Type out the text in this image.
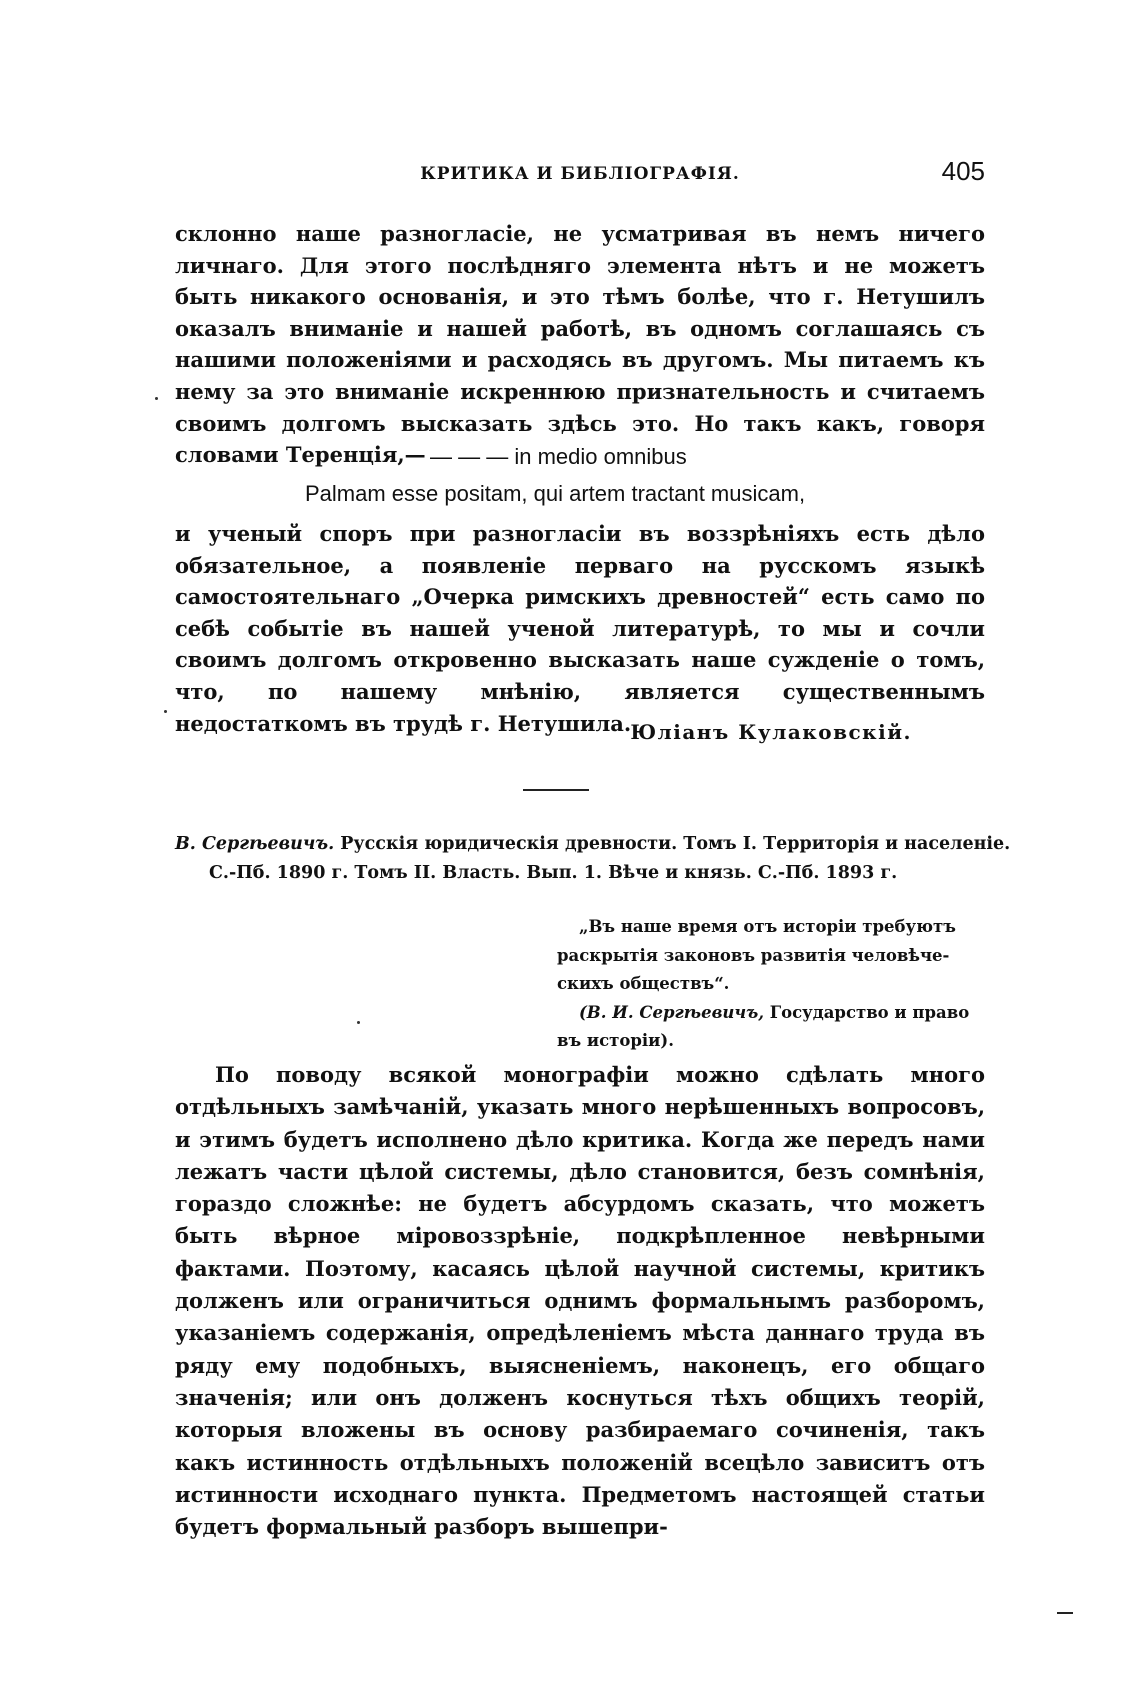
КРИТИКА И БИБЛІОГРАФІЯ.	405

склонно наше разногласіе, не усматривая въ немъ ничего личнаго. Для этого послѣдняго элемента нѣтъ и не можетъ быть никакого основанія, и это тѣмъ болѣе, что г. Нетушилъ оказалъ вниманіе и нашей работѣ, въ одномъ соглашаясь съ нашими положеніями и расходясь въ другомъ. Мы питаемъ къ нему за это вниманіе искреннюю признательность и считаемъ своимъ долгомъ высказать здѣсь это. Но такъ какъ, говоря словами Теренція,— — — — in medio omnibus

Palmam esse positam, qui artem tractant musicam,

и ученый споръ при разногласіи въ воззрѣніяхъ есть дѣло обязательное, а появленіе перваго на русскомъ языкѣ самостоятельнаго „Очерка римскихъ древностей“ есть само по себѣ событіе въ нашей ученой литературѣ, то мы и сочли своимъ долгомъ откровенно высказать наше сужденіе о томъ, что, по нашему мнѣнію, является существеннымъ недостаткомъ въ трудѣ г. Нетушила. Юліанъ Кулаковскій.

В. Сергѣевичъ. Русскія юридическія древности. Томъ I. Территорія и населеніе.

С.-Пб. 1890 г. Томъ II. Власть. Вып. 1. Вѣче и князь. С.-Пб. 1893 г.

„Въ наше время отъ исторіи требуютъ
раскрытія законовъ развитія человѣче-
скихъ обществъ“.
(В. И. Сергѣевичъ, Государство и право
въ исторіи).

По поводу всякой монографіи можно сдѣлать много отдѣльныхъ замѣчаній, указать много нерѣшенныхъ вопросовъ, и этимъ будетъ исполнено дѣло критика. Когда же передъ нами лежатъ части цѣлой системы, дѣло становится, безъ сомнѣнія, гораздо сложнѣе: не будетъ абсурдомъ сказать, что можетъ быть вѣрное міровоззрѣніе, подкрѣпленное невѣрными фактами. Поэтому, касаясь цѣлой научной системы, критикъ долженъ или ограничиться однимъ формальнымъ разборомъ, указаніемъ содержанія, опредѣленіемъ мѣста даннаго труда въ ряду ему подобныхъ, выясненіемъ, наконецъ, его общаго значенія; или онъ долженъ коснуться тѣхъ общихъ теорій, которыя вложены въ основу разбираемаго сочиненія, такъ какъ истинность отдѣльныхъ положеній всецѣло зависитъ отъ истинности исходнаго пункта. Предметомъ настоящей статьи будетъ формальный разборъ вышепри-
